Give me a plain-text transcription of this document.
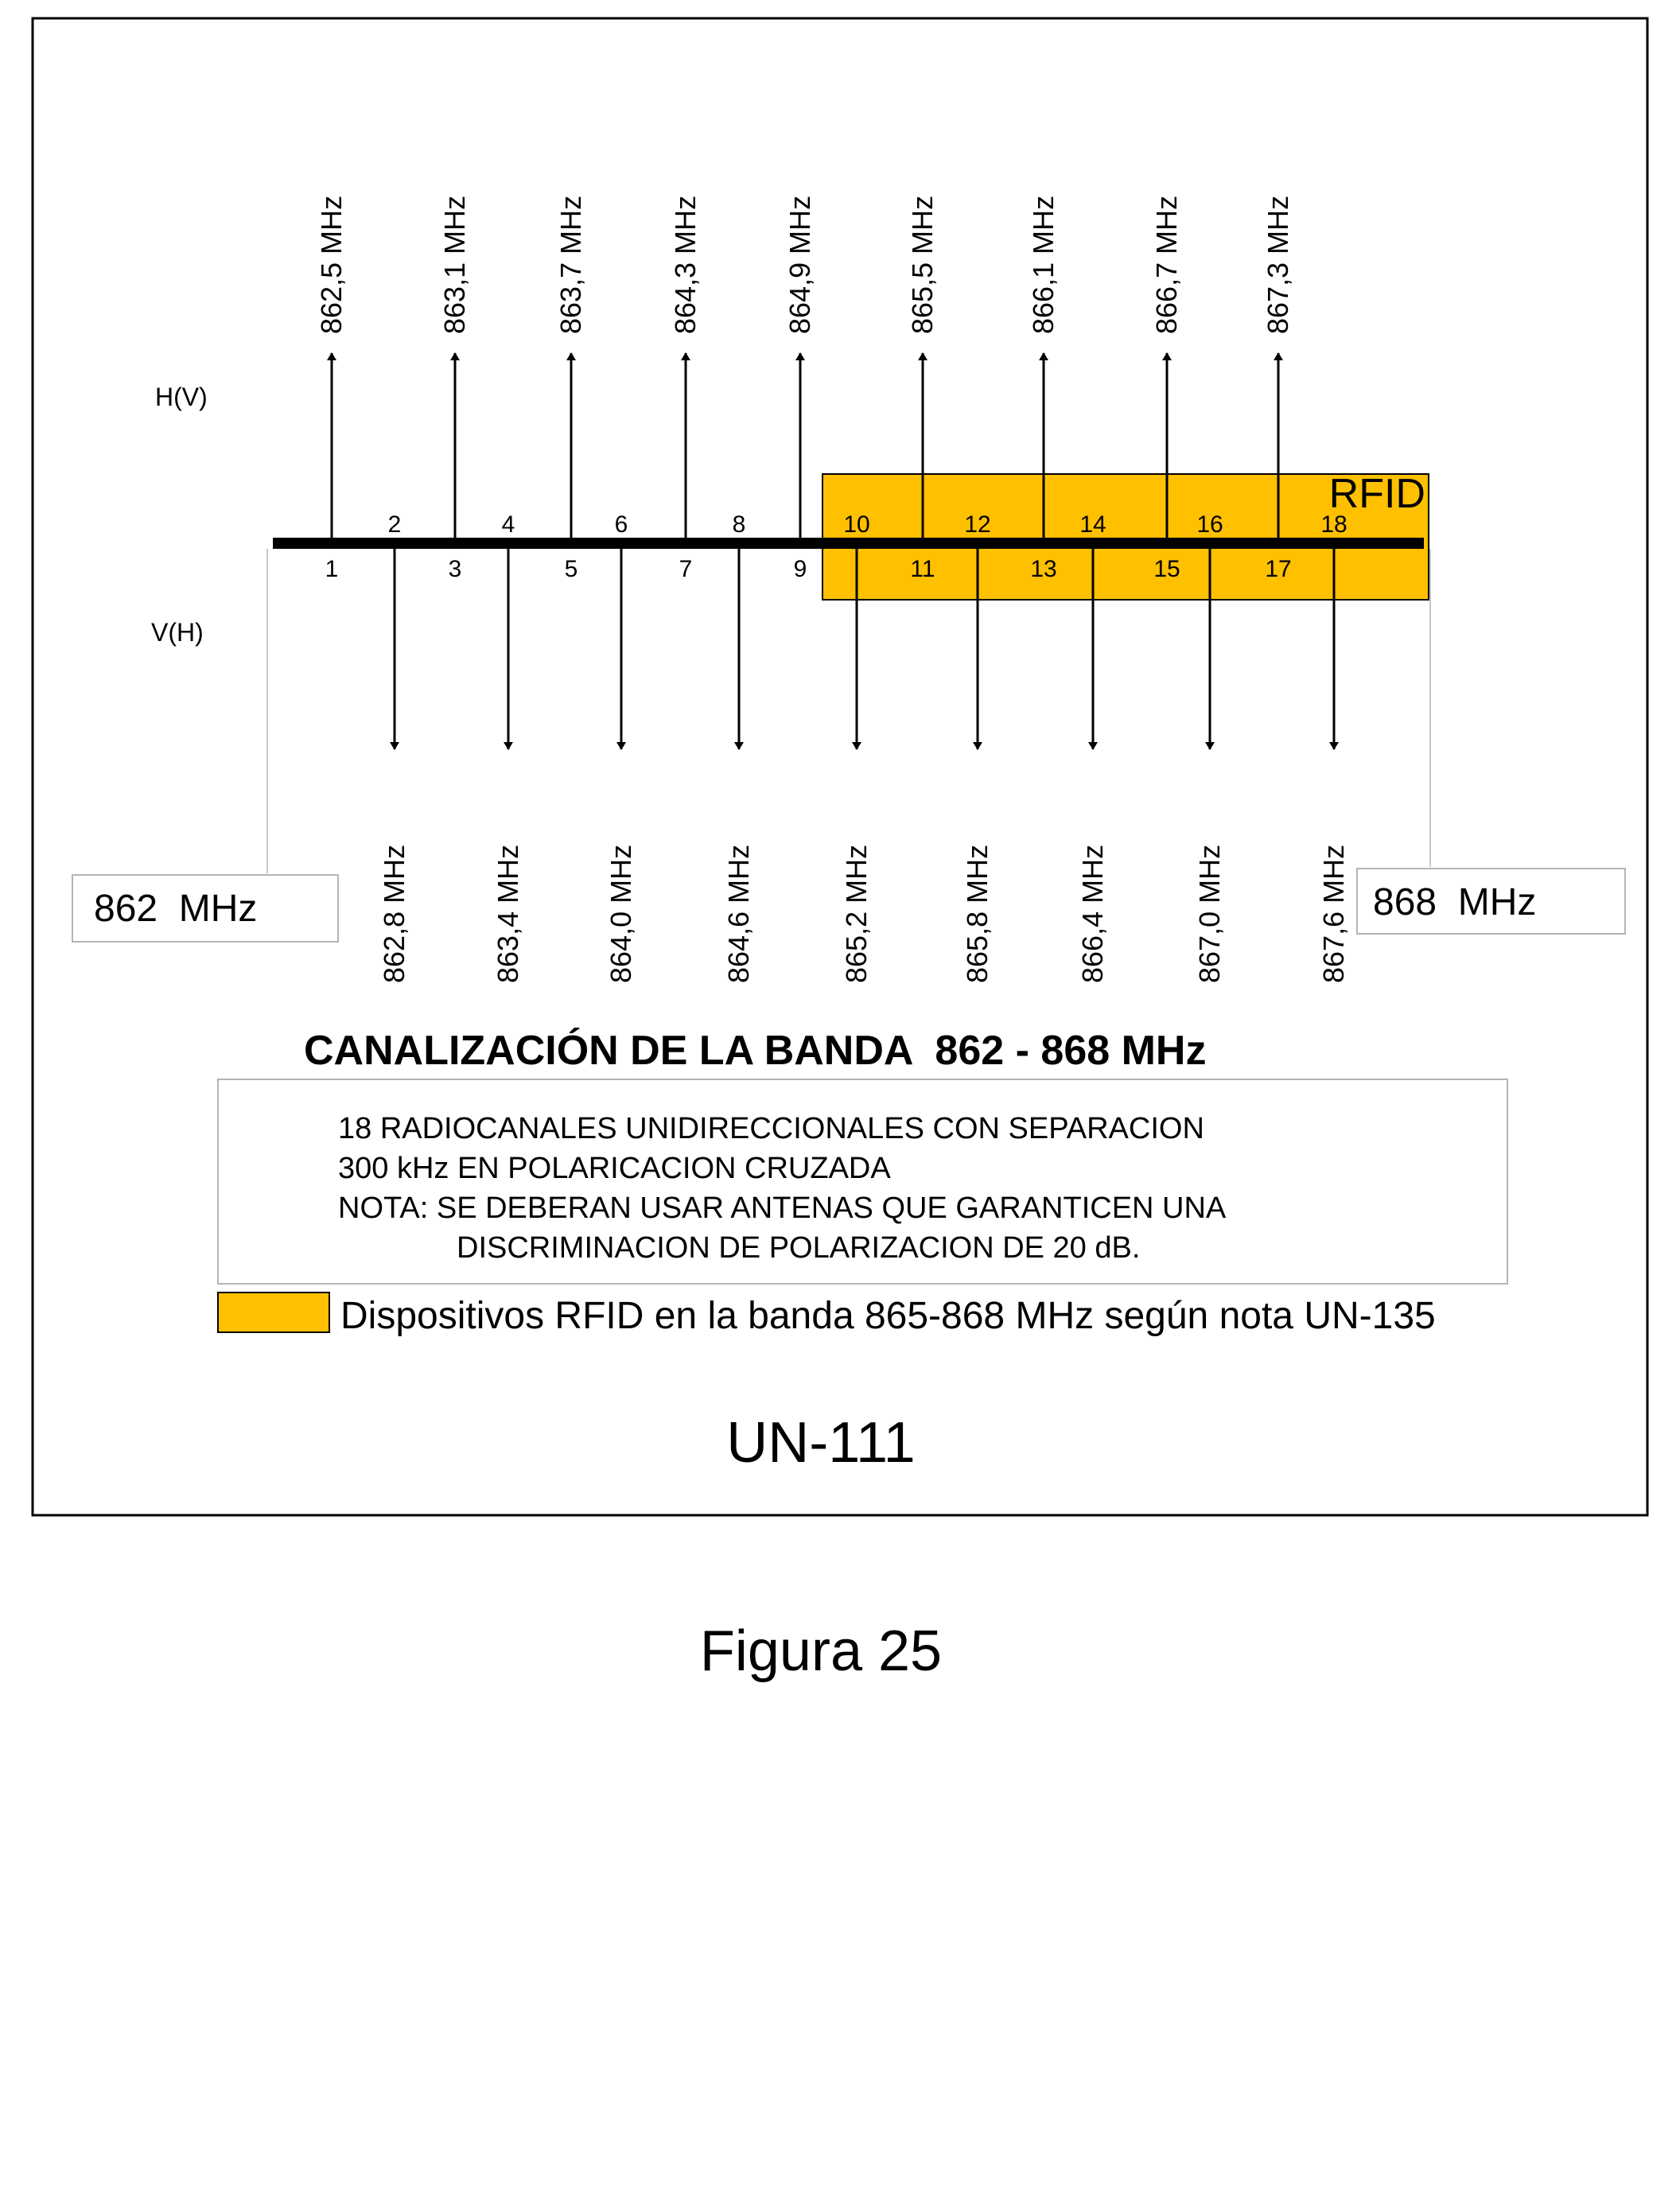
RFID
H(V)
V(H)
1
862,5 MHz
2
862,8 MHz
3
863,1 MHz
4
863,4 MHz
5
863,7 MHz
6
864,0 MHz
7
864,3 MHz
8
864,6 MHz
9
864,9 MHz
10
865,2 MHz
11
865,5 MHz
12
865,8 MHz
13
866,1 MHz
14
866,4 MHz
15
866,7 MHz
16
867,0 MHz
17
867,3 MHz
18
867,6 MHz
862  MHz	868  MHz
CANALIZACIÓN DE LA BANDA  862 - 868 MHz
18 RADIOCANALES UNIDIRECCIONALES CON SEPARACION
300 kHz EN POLARICACION CRUZADA
NOTA: SE DEBERAN USAR ANTENAS QUE GARANTICEN UNA
DISCRIMINACION DE POLARIZACION DE 20 dB.
Dispositivos RFID en la banda 865-868 MHz según nota UN-135
UN-111
Figura 25
